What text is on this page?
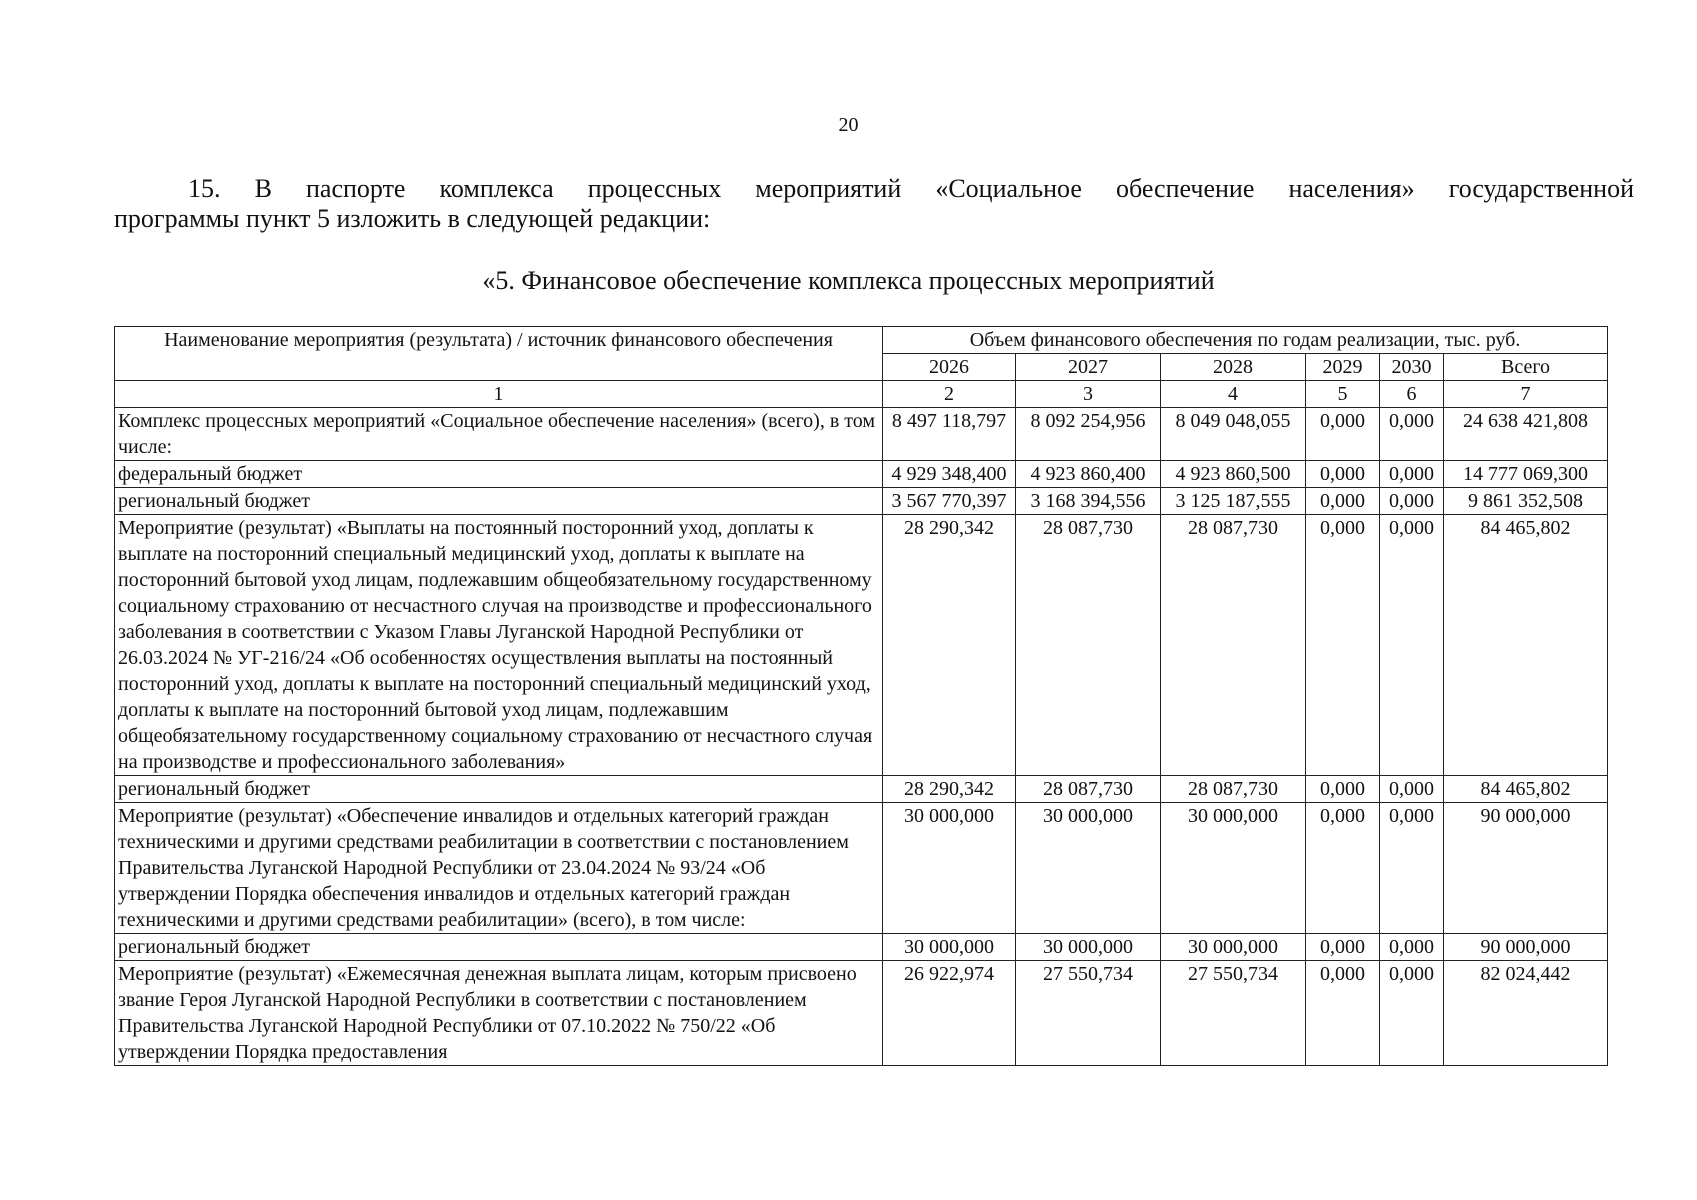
20
15. В паспорте комплекса процессных мероприятий «Социальное обеспечение населения» государственной
программы пункт 5 изложить в следующей редакции:
«5. Финансовое обеспечение комплекса процессных мероприятий
Наименование мероприятия (результата) / источник финансового обеспечения	Объем финансового обеспечения по годам реализации, тыс. руб.					
	2026	2027	2028	2029	2030	Всего
1	2	3	4	5	6	7
Комплекс процессных мероприятий «Социальное обеспечение населения» (всего), в том числе:	8 497 118,797	8 092 254,956	8 049 048,055	0,000	0,000	24 638 421,808
федеральный бюджет	4 929 348,400	4 923 860,400	4 923 860,500	0,000	0,000	14 777 069,300
региональный бюджет	3 567 770,397	3 168 394,556	3 125 187,555	0,000	0,000	9 861 352,508
Мероприятие (результат) «Выплаты на постоянный посторонний уход, доплаты к выплате на посторонний специальный медицинский уход, доплаты к выплате на посторонний бытовой уход лицам, подлежавшим общеобязательному государственному социальному страхованию от несчастного случая на производстве и профессионального заболевания в соответствии с Указом Главы Луганской Народной Республики от 26.03.2024 № УГ-216/24 «Об особенностях осуществления выплаты на постоянный посторонний уход, доплаты к выплате на посторонний специальный медицинский уход, доплаты к выплате на посторонний бытовой уход лицам, подлежавшим общеобязательному государственному социальному страхованию от несчастного случая на производстве и профессионального заболевания»	28 290,342	28 087,730	28 087,730	0,000	0,000	84 465,802
региональный бюджет	28 290,342	28 087,730	28 087,730	0,000	0,000	84 465,802
Мероприятие (результат) «Обеспечение инвалидов и отдельных категорий граждан техническими и другими средствами реабилитации в соответствии с постановлением Правительства Луганской Народной Республики от 23.04.2024 № 93/24 «Об утверждении Порядка обеспечения инвалидов и отдельных категорий граждан техническими и другими средствами реабилитации» (всего), в том числе:	30 000,000	30 000,000	30 000,000	0,000	0,000	90 000,000
региональный бюджет	30 000,000	30 000,000	30 000,000	0,000	0,000	90 000,000
Мероприятие (результат) «Ежемесячная денежная выплата лицам, которым присвоено звание Героя Луганской Народной Республики в соответствии с постановлением Правительства Луганской Народной Республики от 07.10.2022 № 750/22 «Об утверждении Порядка предоставления	26 922,974	27 550,734	27 550,734	0,000	0,000	82 024,442
